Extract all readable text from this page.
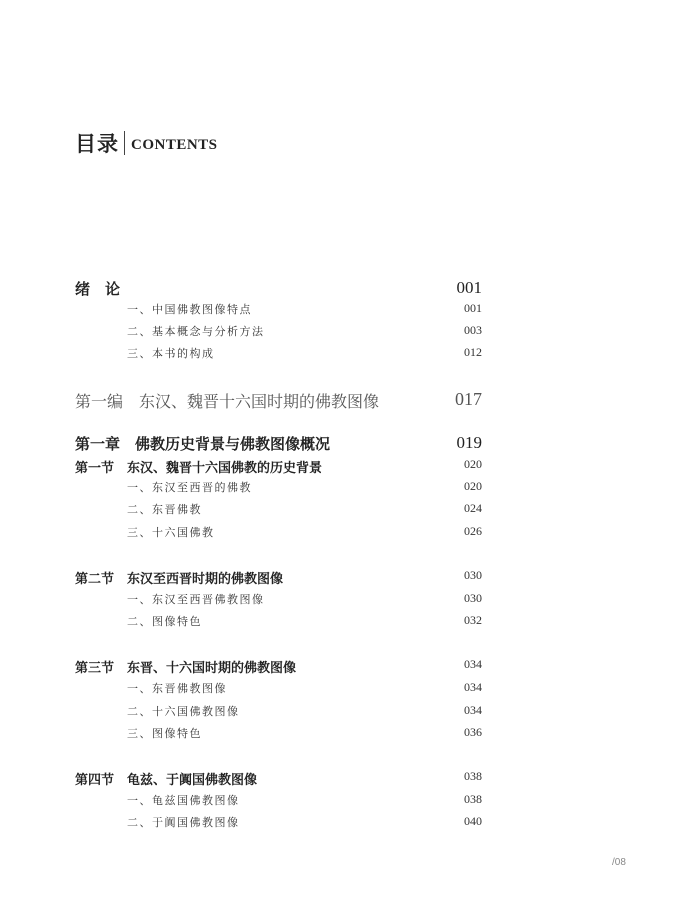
目录 CONTENTS
绪　论	001
一、中国佛教图像特点	001
二、基本概念与分析方法	003
三、本书的构成	012
第一编　东汉、魏晋十六国时期的佛教图像	017
第一章　佛教历史背景与佛教图像概况	019
第一节　东汉、魏晋十六国佛教的历史背景	020
一、东汉至西晋的佛教	020
二、东晋佛教	024
三、十六国佛教	026
第二节　东汉至西晋时期的佛教图像	030
一、东汉至西晋佛教图像	030
二、图像特色	032
第三节　东晋、十六国时期的佛教图像	034
一、东晋佛教图像	034
二、十六国佛教图像	034
三、图像特色	036
第四节　龟兹、于阗国佛教图像	038
一、龟兹国佛教图像	038
二、于阗国佛教图像	040
/08
